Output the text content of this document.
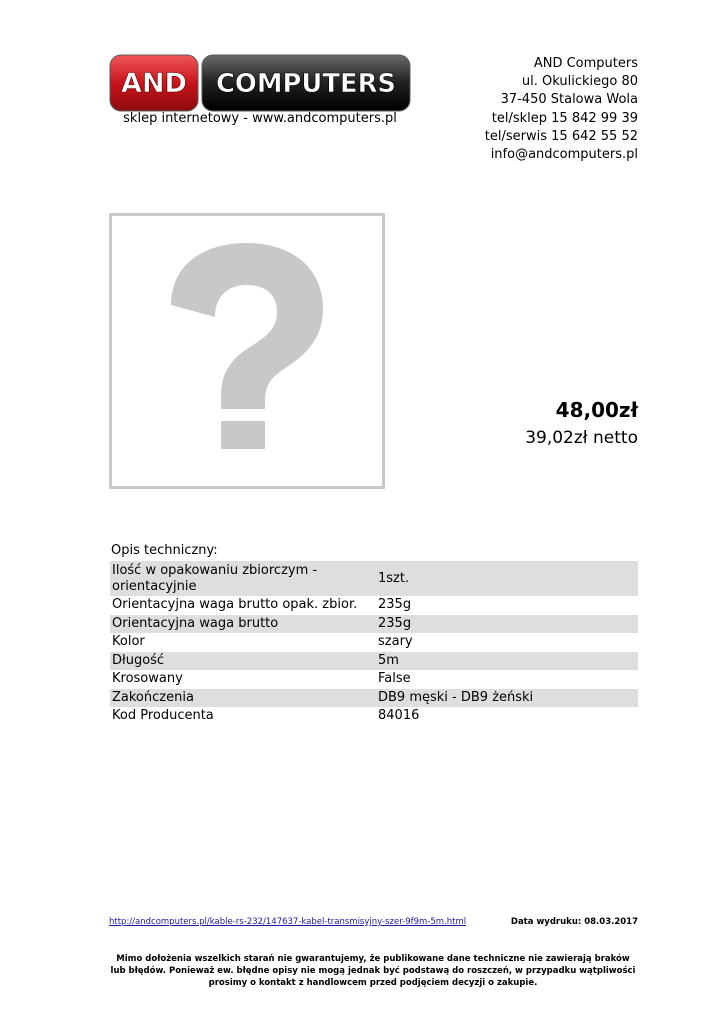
AND COMPUTERS
sklep internetowy - www.andcomputers.pl
AND Computers
ul. Okulickiego 80
37-450 Stalowa Wola
tel/sklep 15 842 99 39
tel/serwis 15 642 55 52
info@andcomputers.pl
48,00zł
39,02zł netto
Opis techniczny:
Ilość w opakowaniu zbiorczym - orientacyjnie	1szt.
Orientacyjna waga brutto opak. zbior.	235g
Orientacyjna waga brutto	235g
Kolor	szary
Długość	5m
Krosowany	False
Zakończenia	DB9 męski - DB9 żeński
Kod Producenta	84016
http://andcomputers.pl/kable-rs-232/147637-kabel-transmisyjny-szer-9f9m-5m.html	Data wydruku: 08.03.2017
Mimo dołożenia wszelkich starań nie gwarantujemy, że publikowane dane techniczne nie zawierają braków lub błędów. Ponieważ ew. błędne opisy nie mogą jednak być podstawą do roszczeń, w przypadku wątpliwości prosimy o kontakt z handlowcem przed podjęciem decyzji o zakupie.
